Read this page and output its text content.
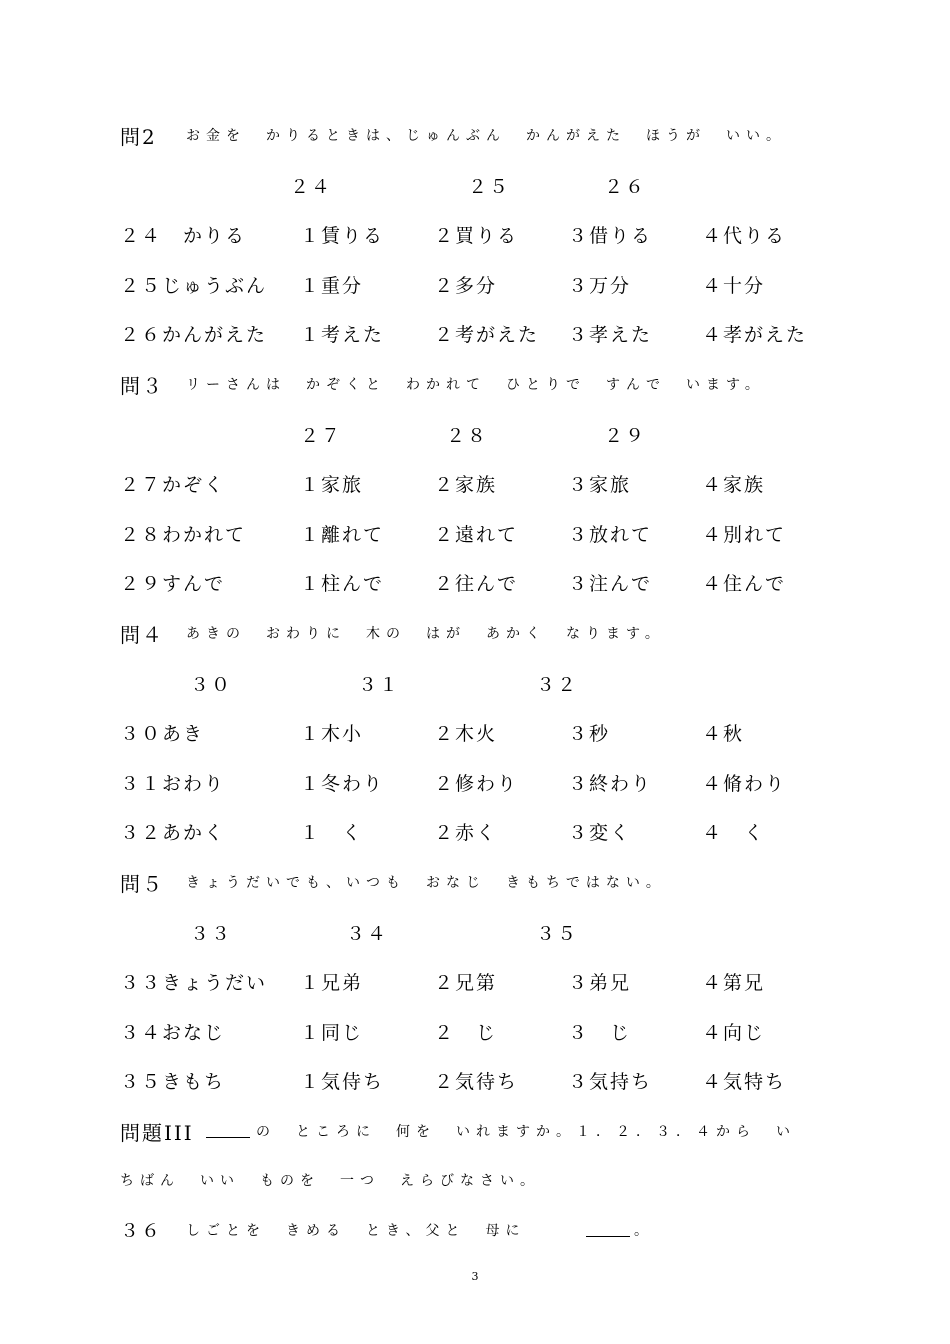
問2 お金を　かりるときは、じゅんぶん　かんがえた　ほうが　いい。
２４	２５	２６
２４　かりる	１賃りる	２買りる	３借りる	４代りる
２５じゅうぶん １重分	２多分	３万分	４十分
２６かんがえた １考えた	２考がえた ３孝えた	４孝がえた
問３ リーさんは　かぞくと　わかれて　ひとりで　すんで　います。
２７	２８	２９
２７かぞく	１家旅	２家族	３家旅	４家族
２８わかれて	１離れて	２遠れて	３放れて	４別れて
２９すんで	１柱んで	２往んで	３注んで	４住んで
問４ あきの　おわりに　木の　はが　あかく　なります。
３０	３１	３２
３０あき	１木小	２木火	３秒	４秋
３１おわり	１冬わり	２修わり	３終わり	４脩わり
３２あかく	１　く	２赤く	３変く	４　く
問５ きょうだいでも、いつも　おなじ　きもちではない。
３３	３４	３５
３３きょうだい １兄弟	２兄第	３弟兄	４第兄
３４おなじ	１同じ	２　じ	３　じ	４向じ
３５きもち	１気侍ち	２気待ち	３気持ち	４気特ち
問題III	の　ところに　何を　いれますか。１．２．３．４から　い
ちばん　いい　ものを　一つ　えらびなさい。
３６ しごとを　きめる　とき、父と　母に	。
3
